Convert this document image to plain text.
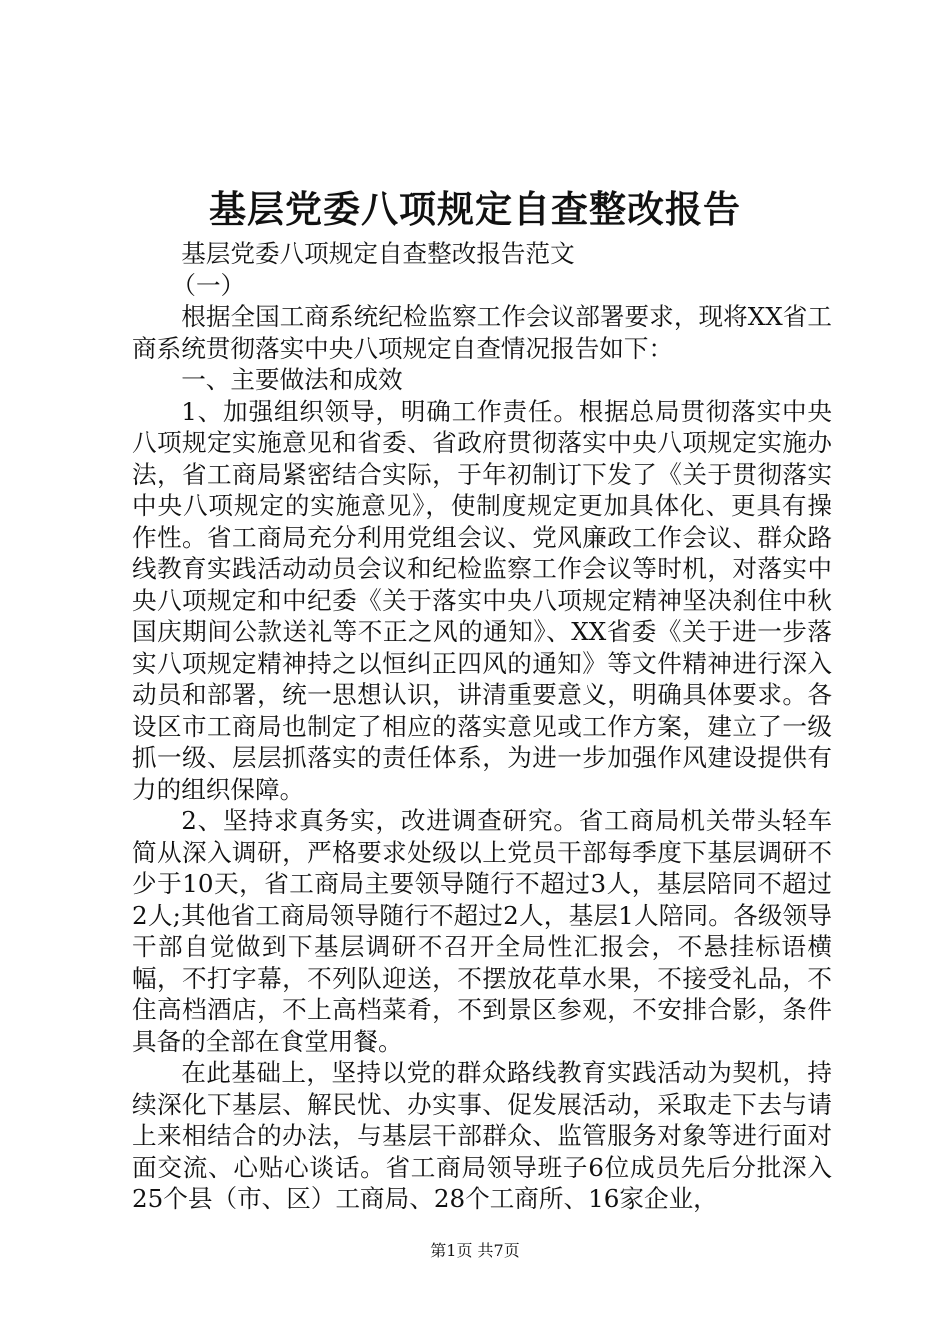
基层党委八项规定自查整改报告

基层党委八项规定自查整改报告范文

（一）

根据全国工商系统纪检监察工作会议部署要求，现将XX省工商系统贯彻落实中央八项规定自查情况报告如下：

一、主要做法和成效

1、加强组织领导，明确工作责任。根据总局贯彻落实中央八项规定实施意见和省委、省政府贯彻落实中央八项规定实施办法，省工商局紧密结合实际，于年初制订下发了《关于贯彻落实中央八项规定的实施意见》，使制度规定更加具体化、更具有操作性。省工商局充分利用党组会议、党风廉政工作会议、群众路线教育实践活动动员会议和纪检监察工作会议等时机，对落实中央八项规定和中纪委《关于落实中央八项规定精神坚决刹住中秋国庆期间公款送礼等不正之风的通知》、XX省委《关于进一步落实八项规定精神持之以恒纠正四风的通知》等文件精神进行深入动员和部署，统一思想认识，讲清重要意义，明确具体要求。各设区市工商局也制定了相应的落实意见或工作方案，建立了一级抓一级、层层抓落实的责任体系，为进一步加强作风建设提供有力的组织保障。

2、坚持求真务实，改进调查研究。省工商局机关带头轻车简从深入调研，严格要求处级以上党员干部每季度下基层调研不少于10天，省工商局主要领导随行不超过3人，基层陪同不超过2人;其他省工商局领导随行不超过2人，基层1人陪同。各级领导干部自觉做到下基层调研不召开全局性汇报会，不悬挂标语横幅，不打字幕，不列队迎送，不摆放花草水果，不接受礼品，不住高档酒店，不上高档菜肴，不到景区参观，不安排合影，条件具备的全部在食堂用餐。

在此基础上，坚持以党的群众路线教育实践活动为契机，持续深化下基层、解民忧、办实事、促发展活动，采取走下去与请上来相结合的办法，与基层干部群众、监管服务对象等进行面对面交流、心贴心谈话。省工商局领导班子6位成员先后分批深入25个县（市、区）工商局、28个工商所、16家企业，

第1页 共7页
